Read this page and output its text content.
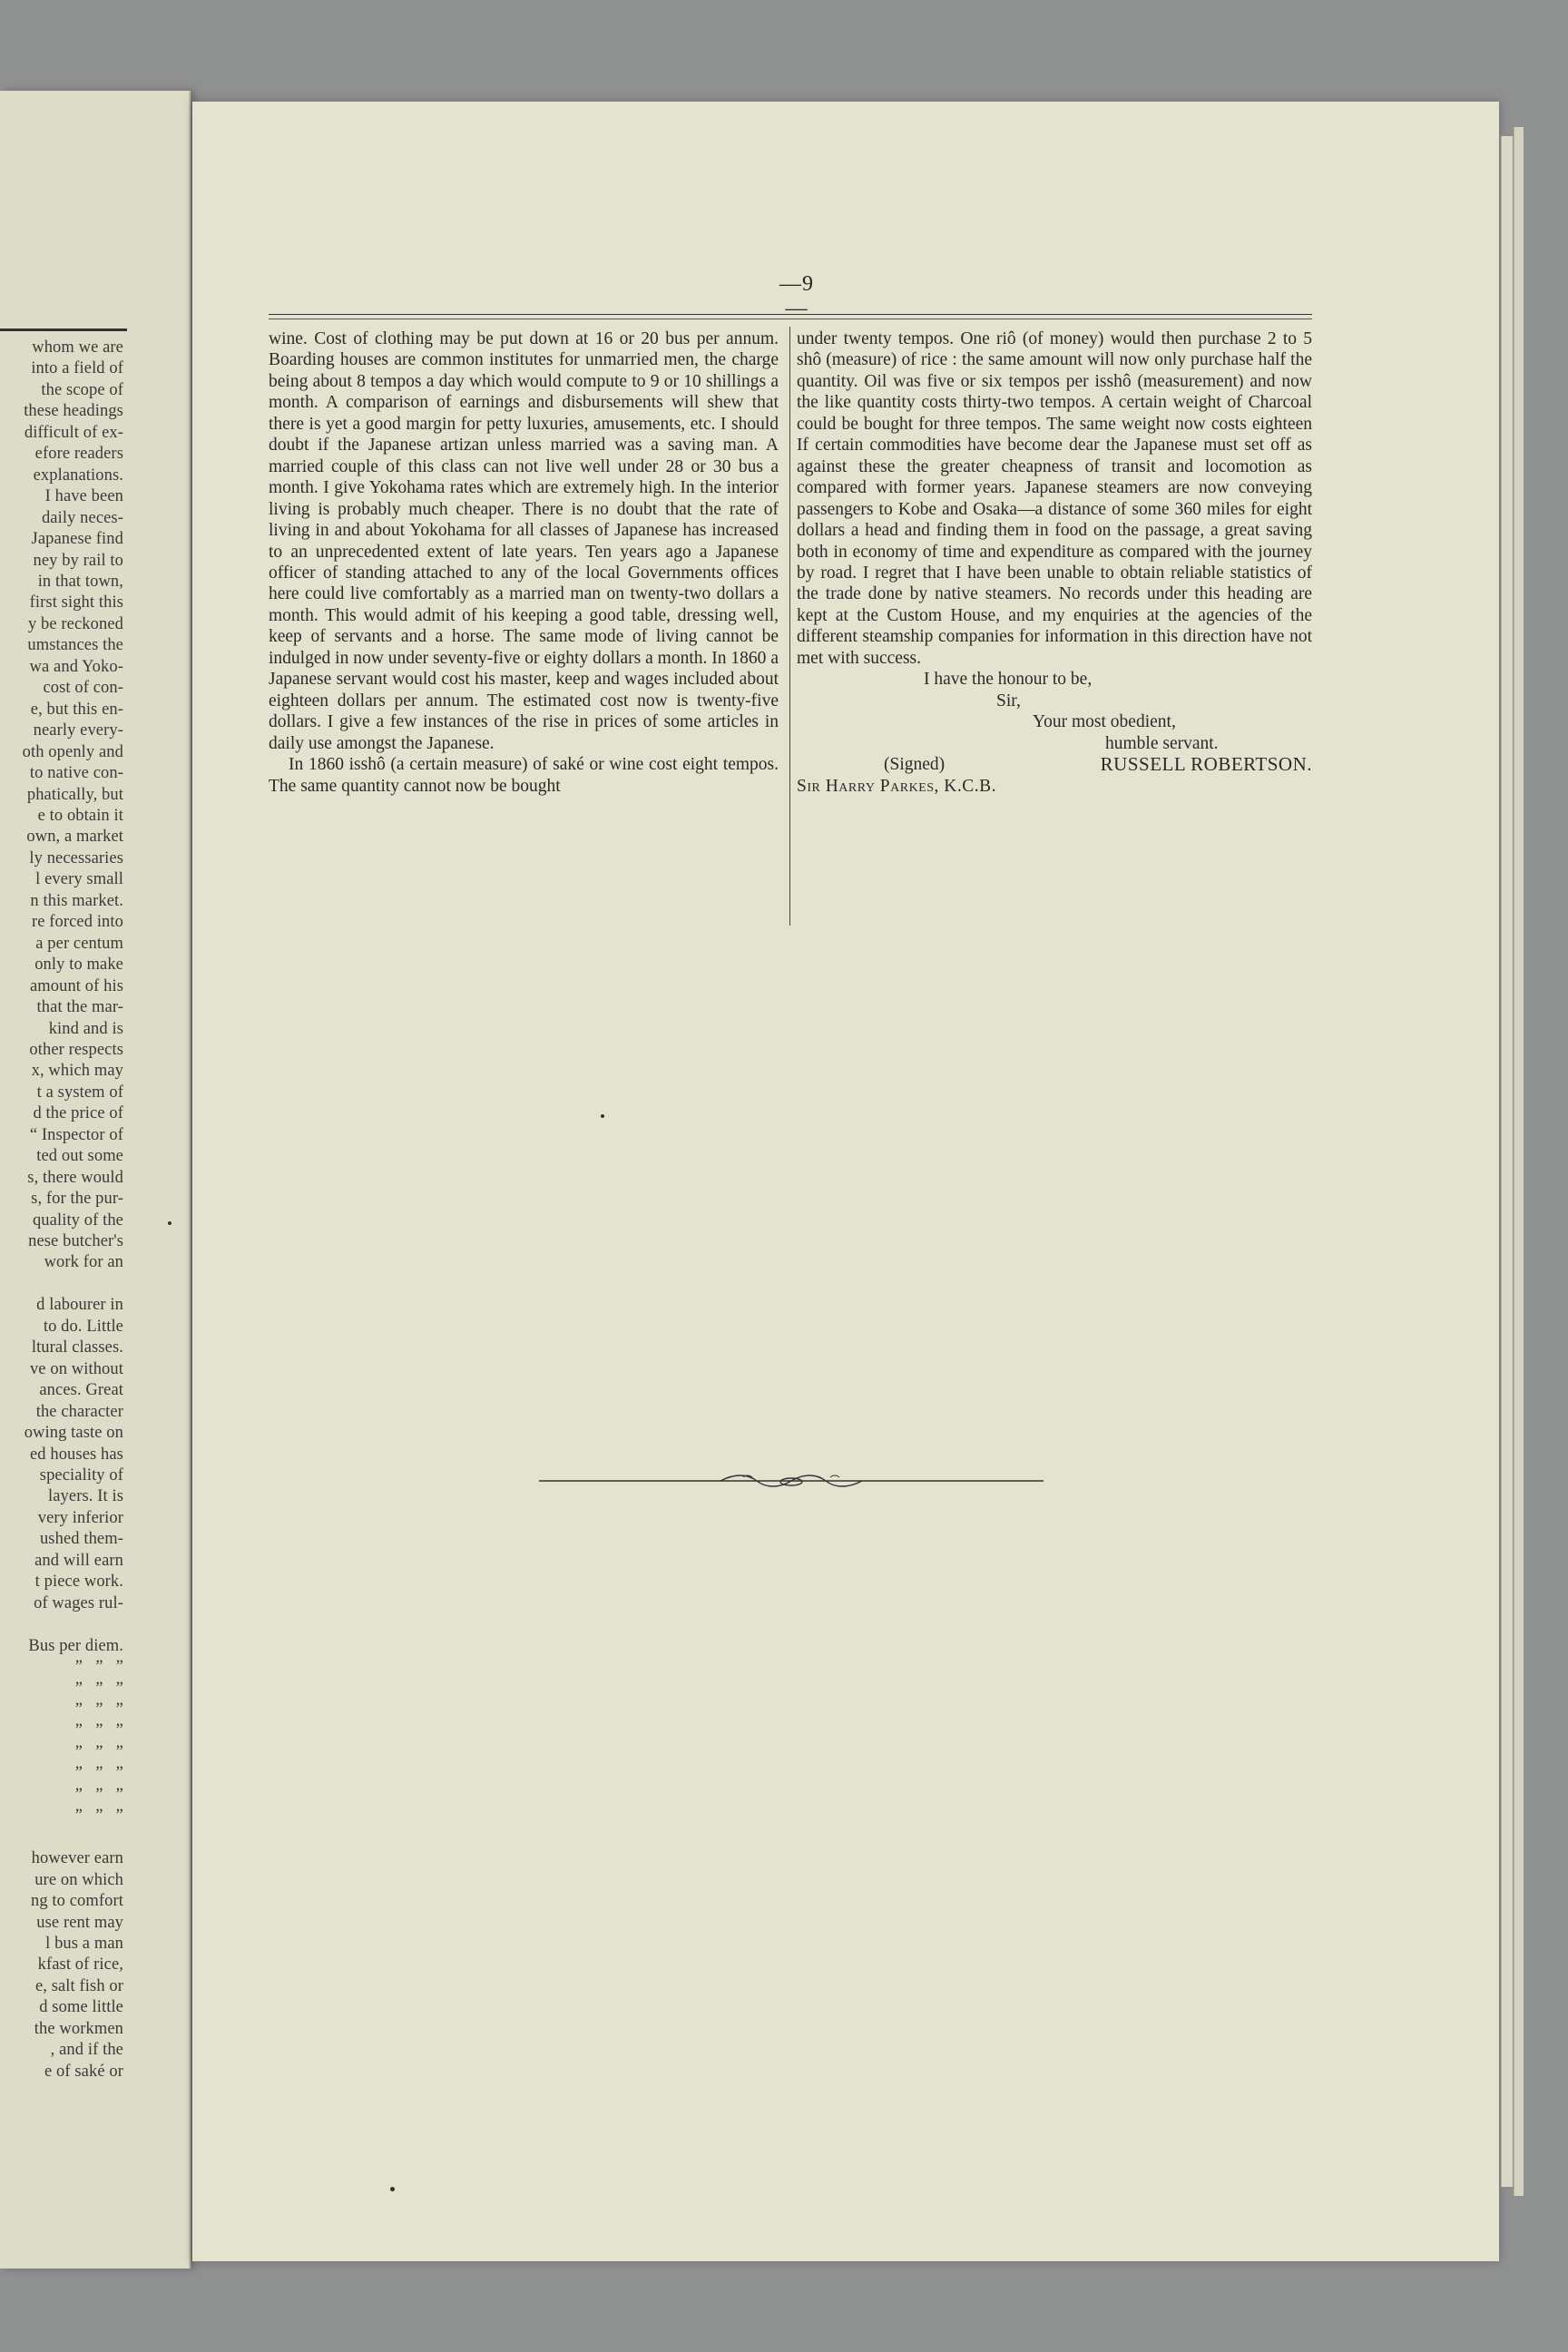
whom we are
into a field of
the scope of
these headings
difficult of ex-
efore readers
explanations.
I have been
daily neces-
Japanese find
ney by rail to
in that town,
first sight this
y be reckoned
umstances the
wa and Yoko-
cost of con-
e, but this en-
nearly every-
oth openly and
to native con-
phatically, but
e to obtain it
own, a market
ly necessaries
l every small
n this market.
re forced into
a per centum
only to make
amount of his
that the mar-
kind and is
other respects
x, which may
t a system of
d the price of
“ Inspector of
ted out some
s, there would
s, for the pur-
quality of the
nese butcher's
work for an

d labourer in
to do. Little
ltural classes.
ve on without
ances. Great
the character
owing taste on
ed houses has
speciality of
layers. It is
very inferior
ushed them-
and will earn
t piece work.
of wages rul-

Bus per diem.
”   ”   ”
”   ”   ”
”   ”   ”
”   ”   ”
”   ”   ”
”   ”   ”
”   ”   ”
”   ”   ”

however earn
ure on which
ng to comfort
use rent may
l bus a man
kfast of rice,
e, salt fish or
d some little
the workmen
, and if the
e of saké or
—9—

wine. Cost of clothing may be put down at 16 or 20 bus per annum. Boarding houses are common institutes for unmarried men, the charge being about 8 tempos a day which would compute to 9 or 10 shillings a month. A comparison of earnings and disbursements will shew that there is yet a good margin for petty luxuries, amusements, etc. I should doubt if the Japanese artizan unless married was a saving man. A married couple of this class can not live well under 28 or 30 bus a month. I give Yokohama rates which are extremely high. In the interior living is probably much cheaper. There is no doubt that the rate of living in and about Yokohama for all classes of Japanese has increased to an unprecedented extent of late years. Ten years ago a Japanese officer of standing attached to any of the local Governments offices here could live comfortably as a married man on twenty-two dollars a month. This would admit of his keeping a good table, dressing well, keep of servants and a horse. The same mode of living cannot be indulged in now under seventy-five or eighty dollars a month. In 1860 a Japanese servant would cost his master, keep and wages included about eighteen dollars per annum. The estimated cost now is twenty-five dollars. I give a few instances of the rise in prices of some articles in daily use amongst the Japanese.

In 1860 isshô (a certain measure) of saké or wine cost eight tempos. The same quantity cannot now be bought

under twenty tempos. One riô (of money) would then purchase 2 to 5 shô (measure) of rice : the same amount will now only purchase half the quantity. Oil was five or six tempos per isshô (measurement) and now the like quantity costs thirty-two tempos. A certain weight of Charcoal could be bought for three tempos. The same weight now costs eighteen If certain commodities have become dear the Japanese must set off as against these the greater cheapness of transit and locomotion as compared with former years. Japanese steamers are now conveying passengers to Kobe and Osaka—a distance of some 360 miles for eight dollars a head and finding them in food on the passage, a great saving both in economy of time and expenditure as compared with the journey by road. I regret that I have been unable to obtain reliable statistics of the trade done by native steamers. No records under this heading are kept at the Custom House, and my enquiries at the agencies of the different steamship companies for information in this direction have not met with success.

I have the honour to be,
Sir,
Your most obedient,
humble servant.
(Signed)	RUSSELL ROBERTSON.
Sir Harry Parkes, K.C.B.
